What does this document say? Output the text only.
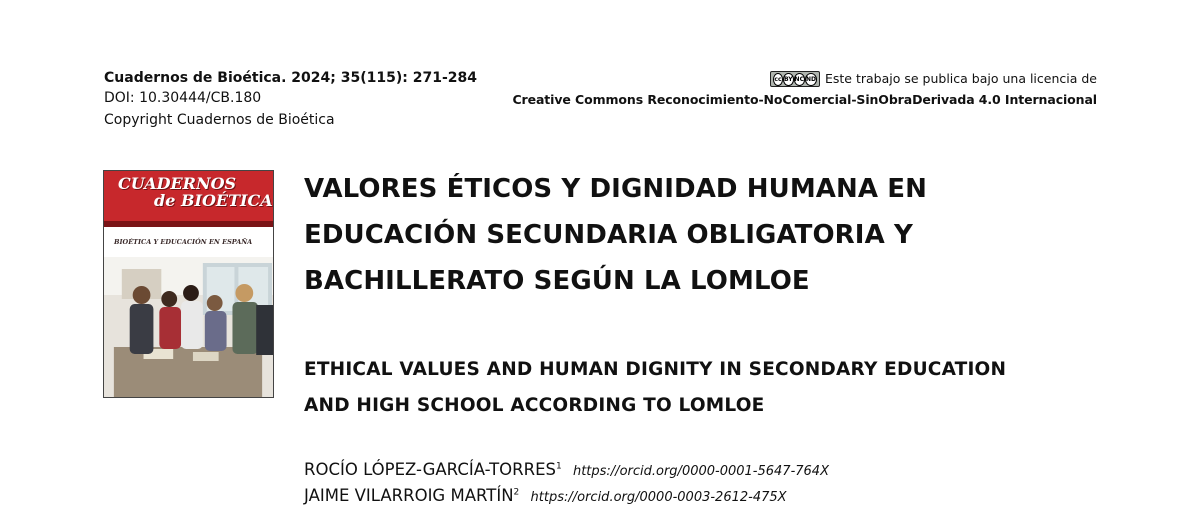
Cuadernos de Bioética. 2024; 35(115): 271-284
DOI: 10.30444/CB.180
Copyright Cuadernos de Bioética
cc BY NC ND Este trabajo se publica bajo una licencia de
Creative Commons Reconocimiento-NoComercial-SinObraDerivada 4.0 Internacional
CUADERNOS
de BIOÉTICA
BIOÉTICA Y EDUCACIÓN EN ESPAÑA
VALORES ÉTICOS Y DIGNIDAD HUMANA EN EDUCACIÓN SECUNDARIA OBLIGATORIA Y BACHILLERATO SEGÚN LA LOMLOE
ETHICAL VALUES AND HUMAN DIGNITY IN SECONDARY EDUCATION AND HIGH SCHOOL ACCORDING TO LOMLOE
ROCÍO LÓPEZ-GARCÍA-TORRES$^1$ https://orcid.org/0000-0001-5647-764X
JAIME VILARROIG MARTÍN$^2$ https://orcid.org/0000-0003-2612-475X
